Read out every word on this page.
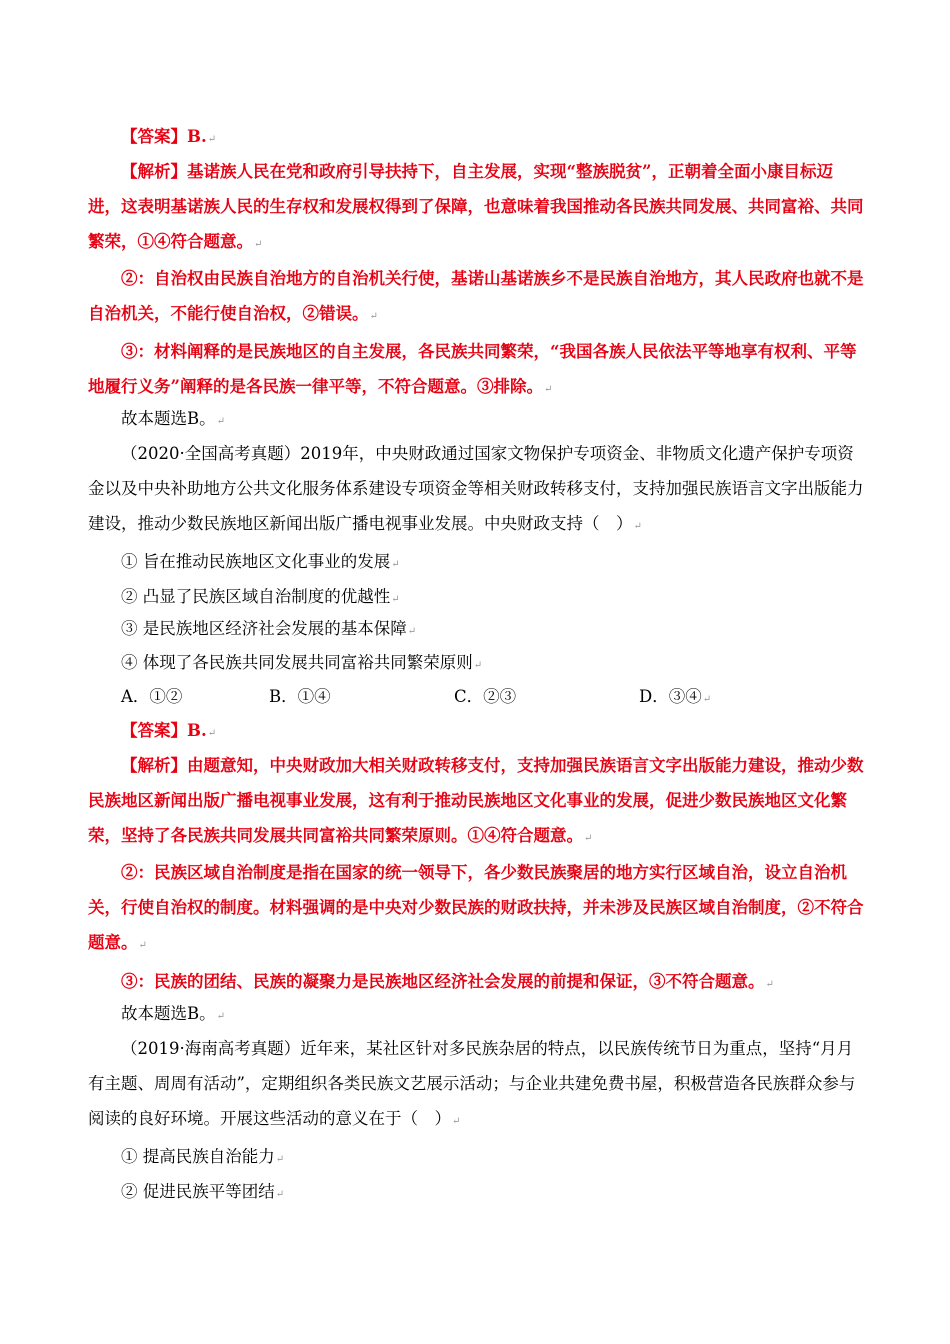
【答案】B.↵
【解析】基诺族人民在党和政府引导扶持下，自主发展，实现“整族脱贫”，正朝着全面小康目标迈进，这表明基诺族人民的生存权和发展权得到了保障，也意味着我国推动各民族共同发展、共同富裕、共同繁荣，①④符合题意。↵
②：自治权由民族自治地方的自治机关行使，基诺山基诺族乡不是民族自治地方，其人民政府也就不是自治机关，不能行使自治权，②错误。↵
③：材料阐释的是民族地区的自主发展，各民族共同繁荣，“我国各族人民依法平等地享有权利、平等地履行义务”阐释的是各民族一律平等，不符合题意。③排除。↵
故本题选B。↵
（2020·全国高考真题）2019年，中央财政通过国家文物保护专项资金、非物质文化遗产保护专项资金以及中央补助地方公共文化服务体系建设专项资金等相关财政转移支付，支持加强民族语言文字出版能力建设，推动少数民族地区新闻出版广播电视事业发展。中央财政支持（　）↵
① 旨在推动民族地区文化事业的发展↵
② 凸显了民族区域自治制度的优越性↵
③ 是民族地区经济社会发展的基本保障↵
④ 体现了各民族共同发展共同富裕共同繁荣原则↵
A．①②	B．①④	C．②③	D．③④↵
【答案】B.↵
【解析】由题意知，中央财政加大相关财政转移支付，支持加强民族语言文字出版能力建设，推动少数民族地区新闻出版广播电视事业发展，这有利于推动民族地区文化事业的发展，促进少数民族地区文化繁荣，坚持了各民族共同发展共同富裕共同繁荣原则。①④符合题意。↵
②：民族区域自治制度是指在国家的统一领导下，各少数民族聚居的地方实行区域自治，设立自治机关，行使自治权的制度。材料强调的是中央对少数民族的财政扶持，并未涉及民族区域自治制度，②不符合题意。↵
③：民族的团结、民族的凝聚力是民族地区经济社会发展的前提和保证，③不符合题意。↵
故本题选B。↵
（2019·海南高考真题）近年来，某社区针对多民族杂居的特点，以民族传统节日为重点，坚持“月月有主题、周周有活动”，定期组织各类民族文艺展示活动；与企业共建免费书屋，积极营造各民族群众参与阅读的良好环境。开展这些活动的意义在于（　）↵
① 提高民族自治能力↵
② 促进民族平等团结↵
